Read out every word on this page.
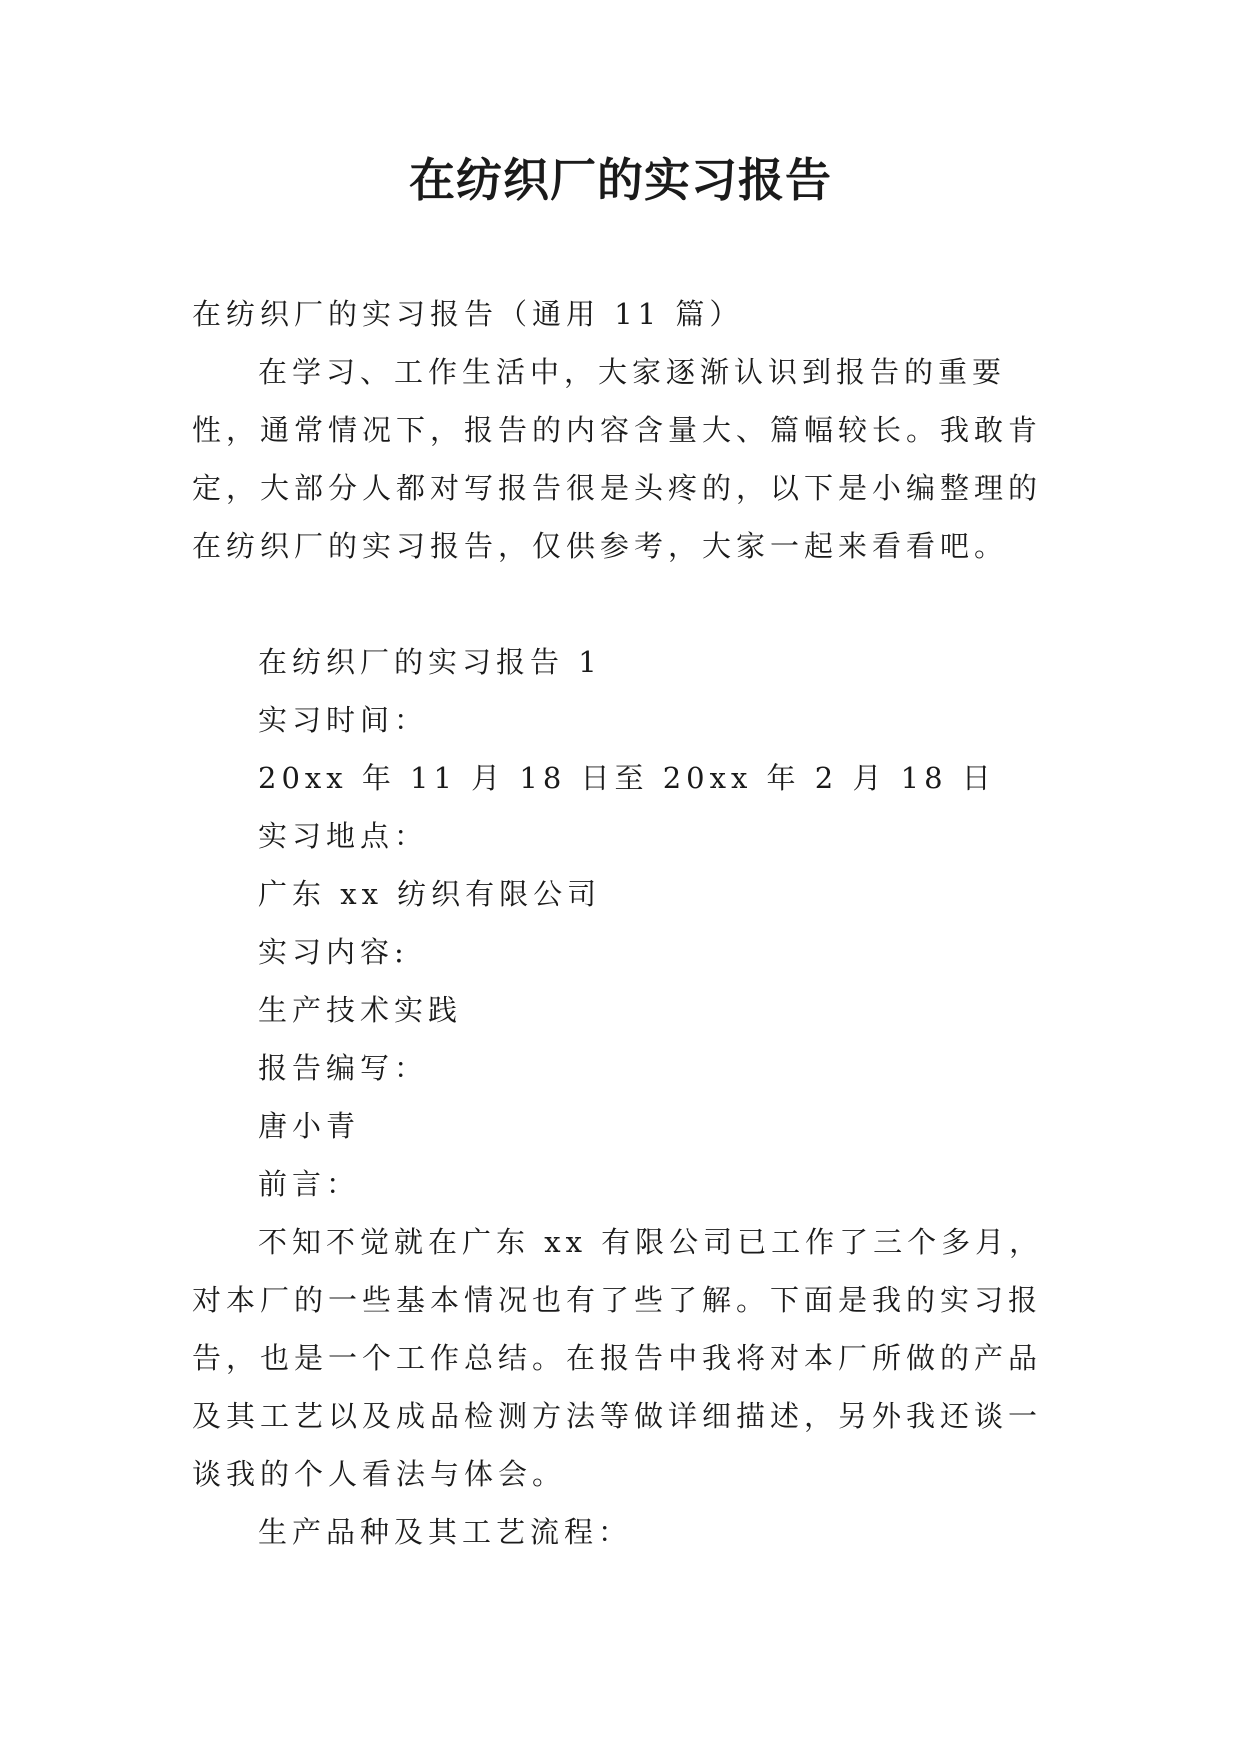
在纺织厂的实习报告

在纺织厂的实习报告（通用 11 篇）

在学习、工作生活中，大家逐渐认识到报告的重要性，通常情况下，报告的内容含量大、篇幅较长。我敢肯定，大部分人都对写报告很是头疼的，以下是小编整理的在纺织厂的实习报告，仅供参考，大家一起来看看吧。

在纺织厂的实习报告 1

实习时间：

20xx 年 11 月 18 日至 20xx 年 2 月 18 日

实习地点：

广东 xx 纺织有限公司

实习内容:

生产技术实践

报告编写：

唐小青

前言：

不知不觉就在广东 xx 有限公司已工作了三个多月，对本厂的一些基本情况也有了些了解。下面是我的实习报告，也是一个工作总结。在报告中我将对本厂所做的产品及其工艺以及成品检测方法等做详细描述，另外我还谈一谈我的个人看法与体会。

生产品种及其工艺流程：
